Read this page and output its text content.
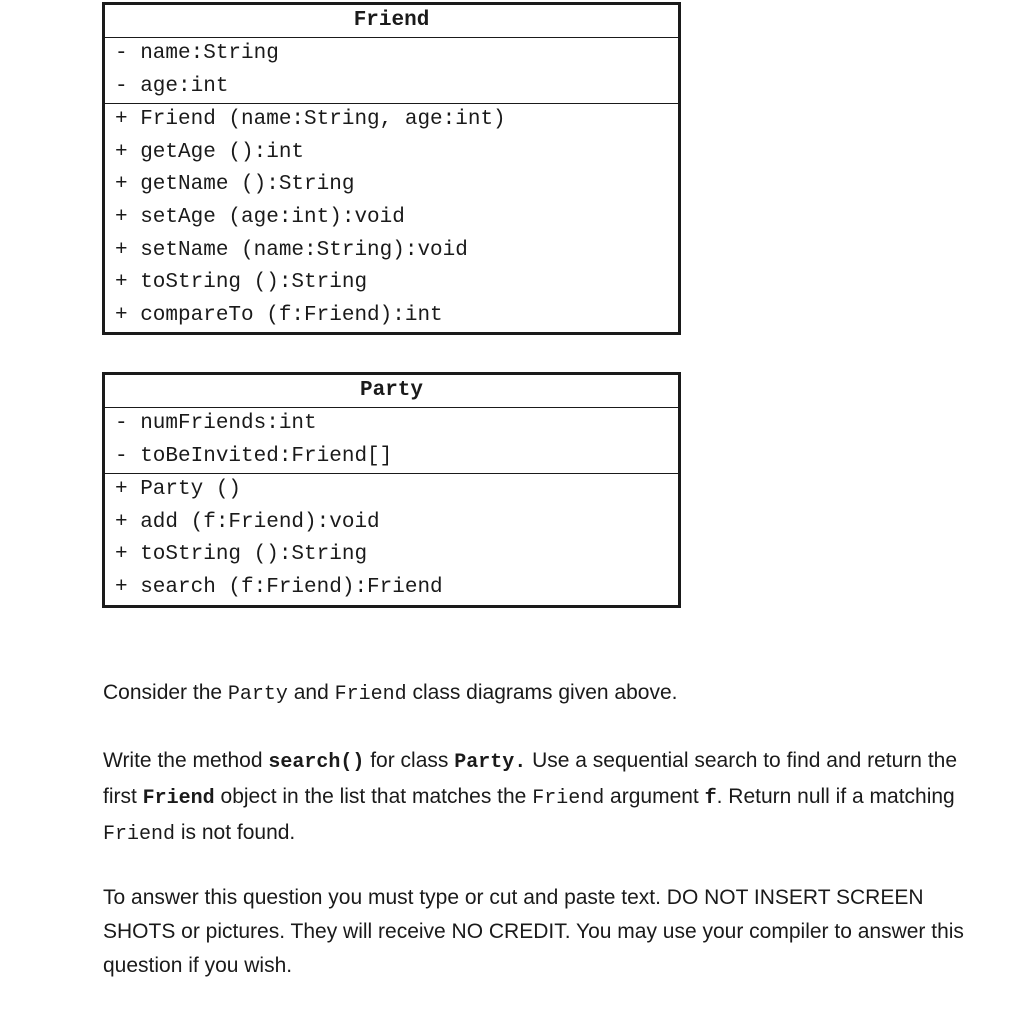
Friend
- name:String
- age:int
+ Friend (name:String, age:int)
+ getAge ():int
+ getName ():String
+ setAge (age:int):void
+ setName (name:String):void
+ toString ():String
+ compareTo (f:Friend):int
Party
- numFriends:int
- toBeInvited:Friend[]
+ Party ()
+ add (f:Friend):void
+ toString ():String
+ search (f:Friend):Friend

Consider the Party and Friend class diagrams given above.

Write the method search() for class Party. Use a sequential search to find and return the first Friend object in the list that matches the Friend argument f. Return null if a matching Friend is not found.

To answer this question you must type or cut and paste text. DO NOT INSERT SCREEN SHOTS or pictures. They will receive NO CREDIT. You may use your compiler to answer this question if you wish.
